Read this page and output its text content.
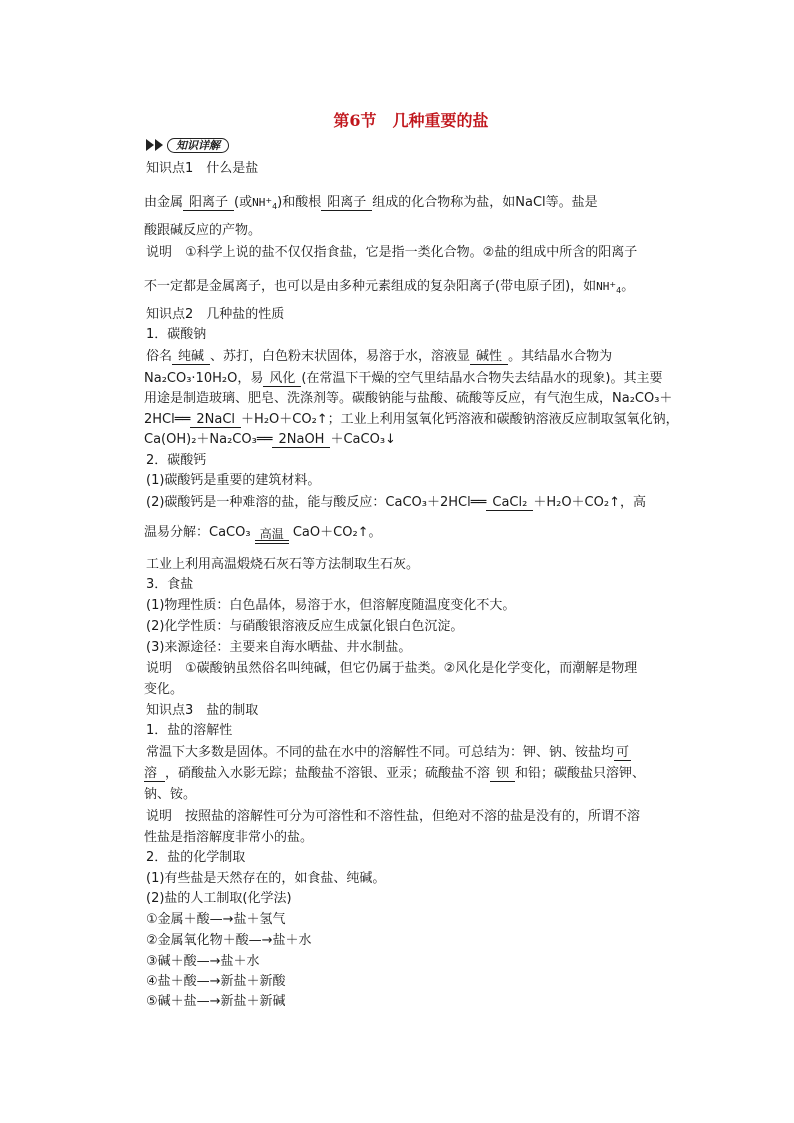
第6节　几种重要的盐
知识详解
知识点1　什么是盐
由金属 阳离子 (或$NH_{+4}$)和酸根 阳离子 组成的化合物称为盐，如NaCl等。盐是
酸跟碱反应的产物。
说明　①科学上说的盐不仅仅指食盐，它是指一类化合物。②盐的组成中所含的阳离子
不一定都是金属离子，也可以是由多种元素组成的复杂阳离子(带电原子团)，如$NH_{+4}$。
知识点2　几种盐的性质
1．碳酸钠
俗名 纯碱 、苏打，白色粉末状固体，易溶于水，溶液显 碱性 。其结晶水合物为
Na₂CO₃·10H₂O，易 风化 (在常温下干燥的空气里结晶水合物失去结晶水的现象)。其主要
用途是制造玻璃、肥皂、洗涤剂等。碳酸钠能与盐酸、硫酸等反应，有气泡生成，Na₂CO₃＋
2HCl══ 2NaCl ＋H₂O＋CO₂↑；工业上利用氢氧化钙溶液和碳酸钠溶液反应制取氢氧化钠，
Ca(OH)₂＋Na₂CO₃══ 2NaOH ＋CaCO₃↓
2．碳酸钙
(1)碳酸钙是重要的建筑材料。
(2)碳酸钙是一种难溶的盐，能与酸反应：CaCO₃＋2HCl══ CaCl₂ ＋H₂O＋CO₂↑，高
温易分解：CaCO₃ 高温 CaO＋CO₂↑。
工业上利用高温煅烧石灰石等方法制取生石灰。
3．食盐
(1)物理性质：白色晶体，易溶于水，但溶解度随温度变化不大。
(2)化学性质：与硝酸银溶液反应生成氯化银白色沉淀。
(3)来源途径：主要来自海水晒盐、井水制盐。
说明　①碳酸钠虽然俗名叫纯碱，但它仍属于盐类。②风化是化学变化，而潮解是物理
变化。
知识点3　盐的制取
1．盐的溶解性
常温下大多数是固体。不同的盐在水中的溶解性不同。可总结为：钾、钠、铵盐均 可
溶 ，硝酸盐入水影无踪；盐酸盐不溶银、亚汞；硫酸盐不溶 钡 和铅；碳酸盐只溶钾、
钠、铵。
说明　按照盐的溶解性可分为可溶性和不溶性盐，但绝对不溶的盐是没有的，所谓不溶
性盐是指溶解度非常小的盐。
2．盐的化学制取
(1)有些盐是天然存在的，如食盐、纯碱。
(2)盐的人工制取(化学法)
①金属＋酸—→盐＋氢气
②金属氧化物＋酸—→盐＋水
③碱＋酸—→盐＋水
④盐＋酸—→新盐＋新酸
⑤碱＋盐—→新盐＋新碱
